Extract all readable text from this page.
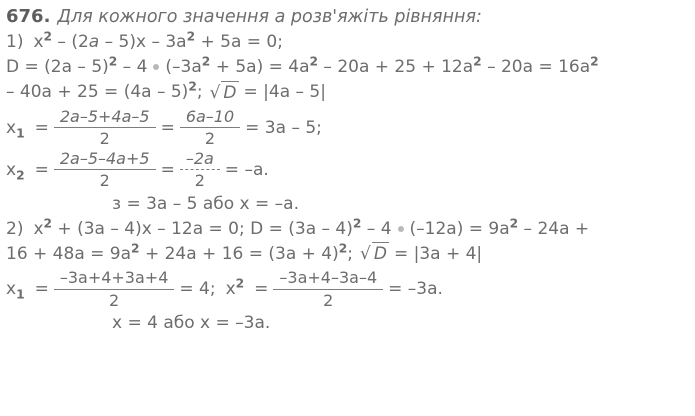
676. Для кожного значення a розв'яжіть рівняння:
1) $x^2 - (2a - 5)x - 3a^2 + 5a = 0$;
D = (2a – 5)$^2$ – 4 $(-3a^2 + 5a) = 4a^2 - 20a + 25 + 12a^2 - 20a = 16a^2$
– 40a + 25 = (4a – 5)$^2$; √ D = |4a – 5|
$x_1 = \frac{2a-5+4a-5}{2} = \frac{6a-10}{2} = 3a - 5$;
$x_2 = \frac{2a-5-4a+5}{2} = \frac{-2a}{2} = -a$.
з = 3a – 5 або x = –a.
2) $x^2 + (3a - 4)x - 12a = 0$; D = (3a – 4)$^2$ – 4 $(-12a) = 9a^2 - 24a$ +
$16 + 48a = 9a^2 + 24a + 16 = (3a + 4)^2$; √ D = |3a + 4|
$x_1 = \frac{-3a+4+3a+4}{2} = 4$; $x^2 = \frac{-3a+4-3a-4}{2} = -3a$.
x = 4 або x = –3a.
